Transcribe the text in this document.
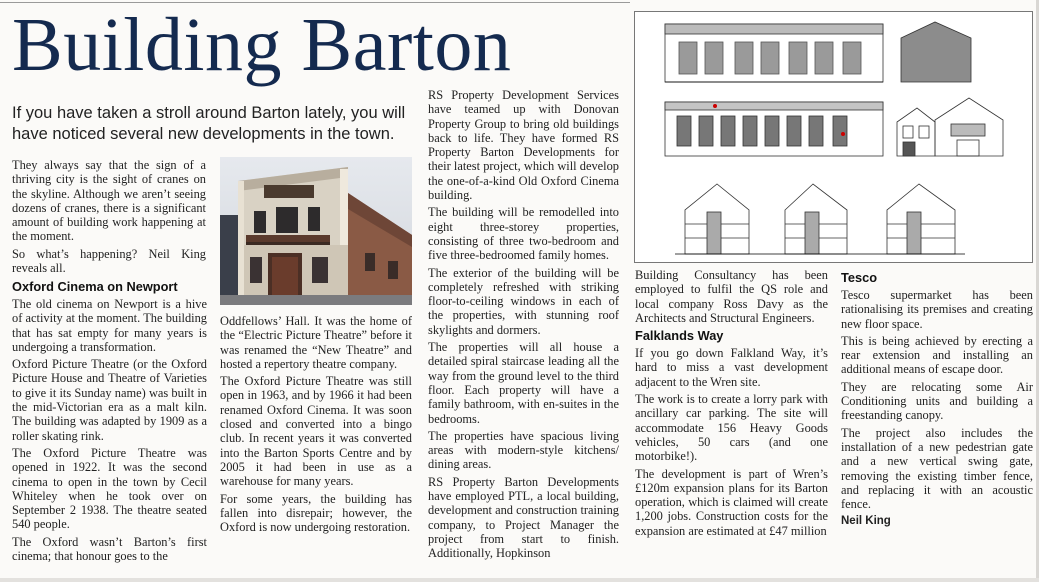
Building Barton
If you have taken a stroll around Barton lately, you will have noticed several new developments in the town.

They always say that the sign of a thriving city is the sight of cranes on the skyline. Although we aren’t seeing dozens of cranes, there is a significant amount of building work happening at the moment.

So what’s happening? Neil King reveals all.

Oxford Cinema on Newport

The old cinema on Newport is a hive of activity at the moment. The building that has sat empty for many years is undergoing a transformation.

Oxford Picture Theatre (or the Oxford Picture House and Theatre of Varieties to give it its Sunday name) was built in the mid-Victorian era as a malt kiln. The building was adapted by 1909 as a roller skating rink.

The Oxford Picture Theatre was opened in 1922. It was the second cinema to open in the town by Cecil Whiteley when he took over on September 2 1938. The theatre seated 540 people.

The Oxford wasn’t Barton’s first cinema; that honour goes to the

Oddfellows’ Hall. It was the home of the “Electric Picture Theatre” before it was renamed the “New Theatre” and hosted a repertory theatre company.

The Oxford Picture Theatre was still open in 1963, and by 1966 it had been renamed Oxford Cinema. It was soon closed and converted into a bingo club. In recent years it was converted into the Barton Sports Centre and by 2005 it had been in use as a warehouse for many years.

For some years, the building has fallen into disrepair; however, the Oxford is now undergoing restoration.

RS Property Development Services have teamed up with Donovan Property Group to bring old buildings back to life. They have formed RS Property Barton Developments for their latest project, which will develop the one-of-a-kind Old Oxford Cinema building.

The building will be remodelled into eight three-storey properties, consisting of three two-bedroom and five three-bedroomed family homes.

The exterior of the building will be completely refreshed with striking floor-to-ceiling windows in each of the properties, with stunning roof skylights and dormers.

The properties will all house a detailed spiral staircase leading all the way from the ground level to the third floor. Each property will have a family bathroom, with en-suites in the bedrooms.

The properties have spacious living areas with modern-style kitchens/ dining areas.

RS Property Barton Developments have employed PTL, a local building, development and construction training company, to Project Manager the project from start to finish. Additionally, Hopkinson

Building Consultancy has been employed to fulfil the QS role and local company Ross Davy as the Architects and Structural Engineers.

Falklands Way

If you go down Falkland Way, it’s hard to miss a vast development adjacent to the Wren site.

The work is to create a lorry park with ancillary car parking. The site will accommodate 156 Heavy Goods vehicles, 50 cars (and one motorbike!).

The development is part of Wren’s £120m expansion plans for its Barton operation, which is claimed will create 1,200 jobs. Construction costs for the expansion are estimated at £47 million

Tesco

Tesco supermarket has been rationalising its premises and creating new floor space.

This is being achieved by erecting a rear extension and installing an additional means of escape door.

They are relocating some Air Conditioning units and building a freestanding canopy.

The project also includes the installation of a new pedestrian gate and a new vertical swing gate, removing the existing timber fence, and replacing it with an acoustic fence.

Neil King
